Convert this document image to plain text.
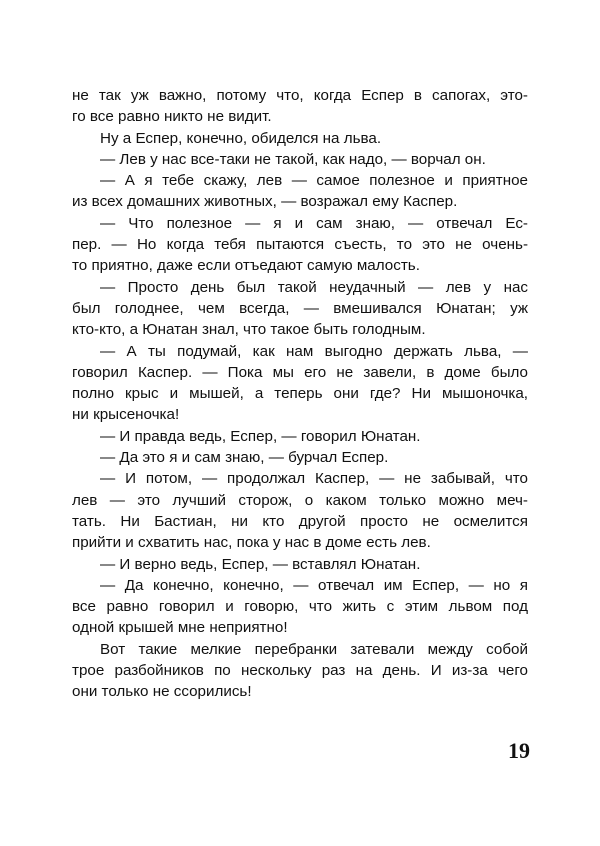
не так уж важно, потому что, когда Еспер в сапогах, это-
го все равно никто не видит.
Ну а Еспер, конечно, обиделся на льва.
— Лев у нас все-таки не такой, как надо, — ворчал он.
— А я тебе скажу, лев — самое полезное и приятное
из всех домашних животных, — возражал ему Каспер.
— Что полезное — я и сам знаю, — отвечал Ес-
пер. — Но когда тебя пытаются съесть, то это не очень-
то приятно, даже если отъедают самую малость.
— Просто день был такой неудачный — лев у нас
был голоднее, чем всегда, — вмешивался Юнатан; уж
кто-кто, а Юнатан знал, что такое быть голодным.
— А ты подумай, как нам выгодно держать льва, —
говорил Каспер. — Пока мы его не завели, в доме было
полно крыс и мышей, а теперь они где? Ни мышоночка,
ни крысеночка!
— И правда ведь, Еспер, — говорил Юнатан.
— Да это я и сам знаю, — бурчал Еспер.
— И потом, — продолжал Каспер, — не забывай, что
лев — это лучший сторож, о каком только можно меч-
тать. Ни Бастиан, ни кто другой просто не осмелится
прийти и схватить нас, пока у нас в доме есть лев.
— И верно ведь, Еспер, — вставлял Юнатан.
— Да конечно, конечно, — отвечал им Еспер, — но я
все равно говорил и говорю, что жить с этим львом под
одной крышей мне неприятно!
Вот такие мелкие перебранки затевали между собой
трое разбойников по нескольку раз на день. И из-за чего
они только не ссорились!
19
